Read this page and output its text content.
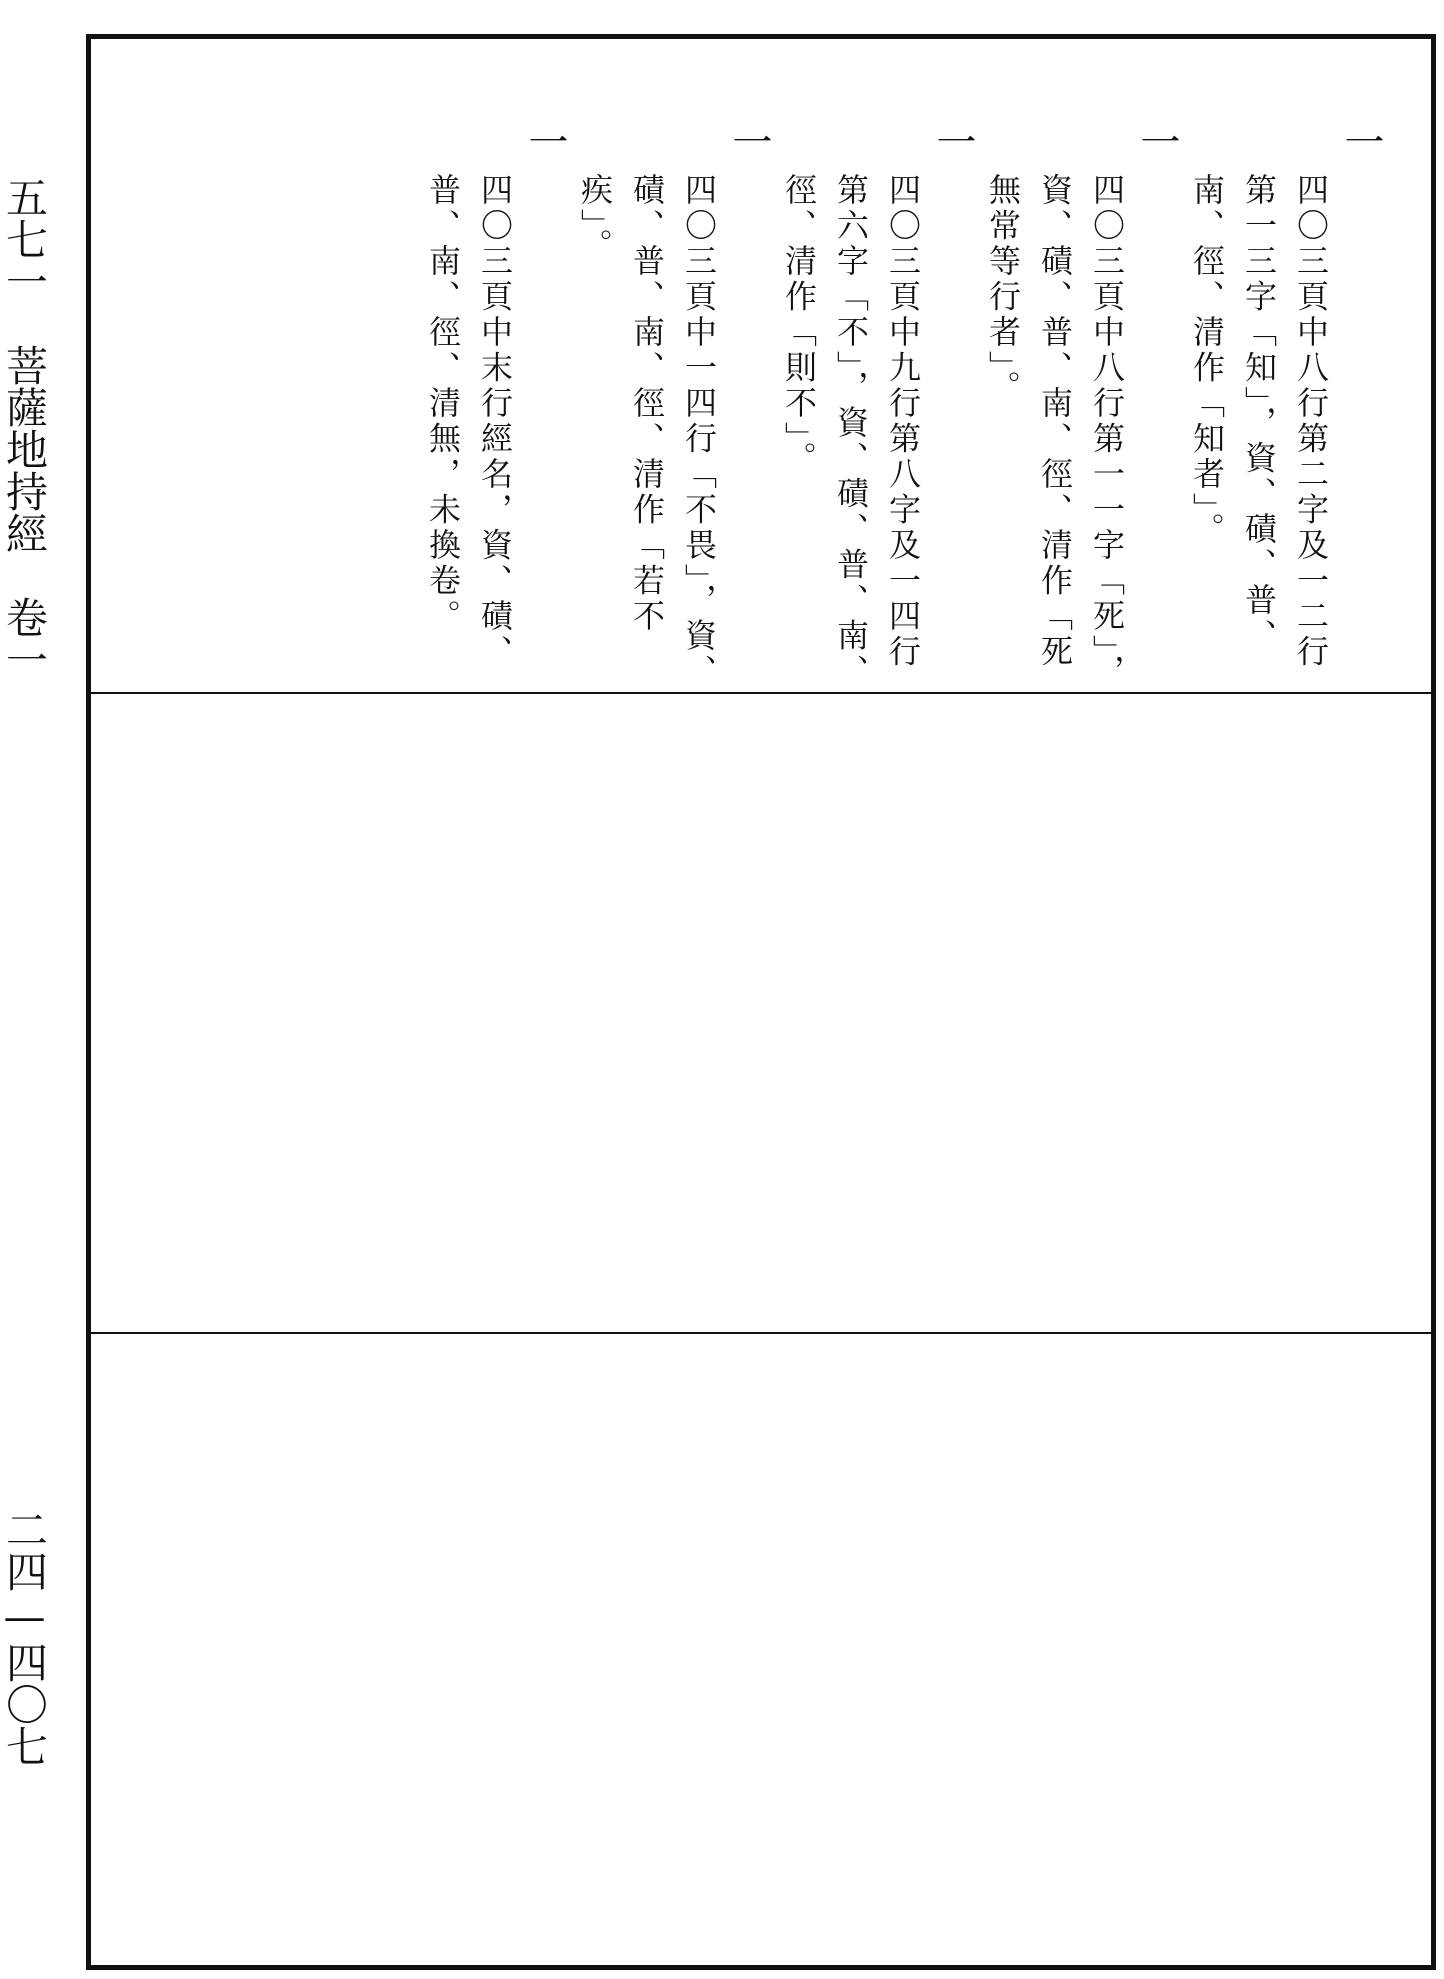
五七一　菩薩地持經　卷一
二四—四〇七
一
四〇三頁中八行第二字及一二行第一三字「知」，資、磧、普、南、徑、清作「知者」。
一
四〇三頁中八行第一一字「死」，資、磧、普、南、徑、清作「死無常等行者」。
一
四〇三頁中九行第八字及一四行第六字「不」，資、磧、普、南、徑、清作「則不」。
一
四〇三頁中一四行「不畏」，資、磧、普、南、徑、清作「若不疾」。
一
四〇三頁中末行經名，資、磧、普、南、徑、清無，未換卷。
